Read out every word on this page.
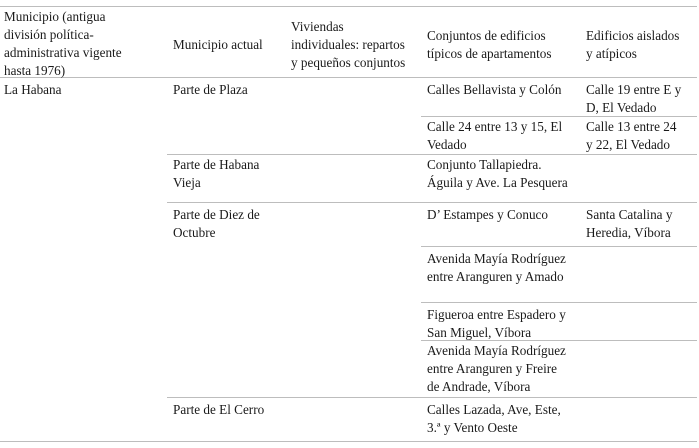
Municipio (antigua
división política-
administrativa vigente
hasta 1976)
Municipio actual
Viviendas
individuales: repartos
y pequeños conjuntos
Conjuntos de edificios
típicos de apartamentos
Edificios aislados
y atípicos
La Habana	Parte de Plaza
Parte de Habana
Vieja
Parte de Diez de
Octubre
Parte de El Cerro
Calles Bellavista y Colón
Calle 24 entre 13 y 15, El
Vedado
Conjunto Tallapiedra.
Águila y Ave. La Pesquera
D’ Estampes y Conuco
Avenida Mayía Rodríguez
entre Aranguren y Amado
Figueroa entre Espadero y
San Miguel, Víbora
Avenida Mayía Rodríguez
entre Aranguren y Freire
de Andrade, Víbora
Calles Lazada, Ave, Este,
3.ª y Vento Oeste
Calle 19 entre E y
D, El Vedado
Calle 13 entre 24
y 22, El Vedado
Santa Catalina y
Heredia, Víbora
